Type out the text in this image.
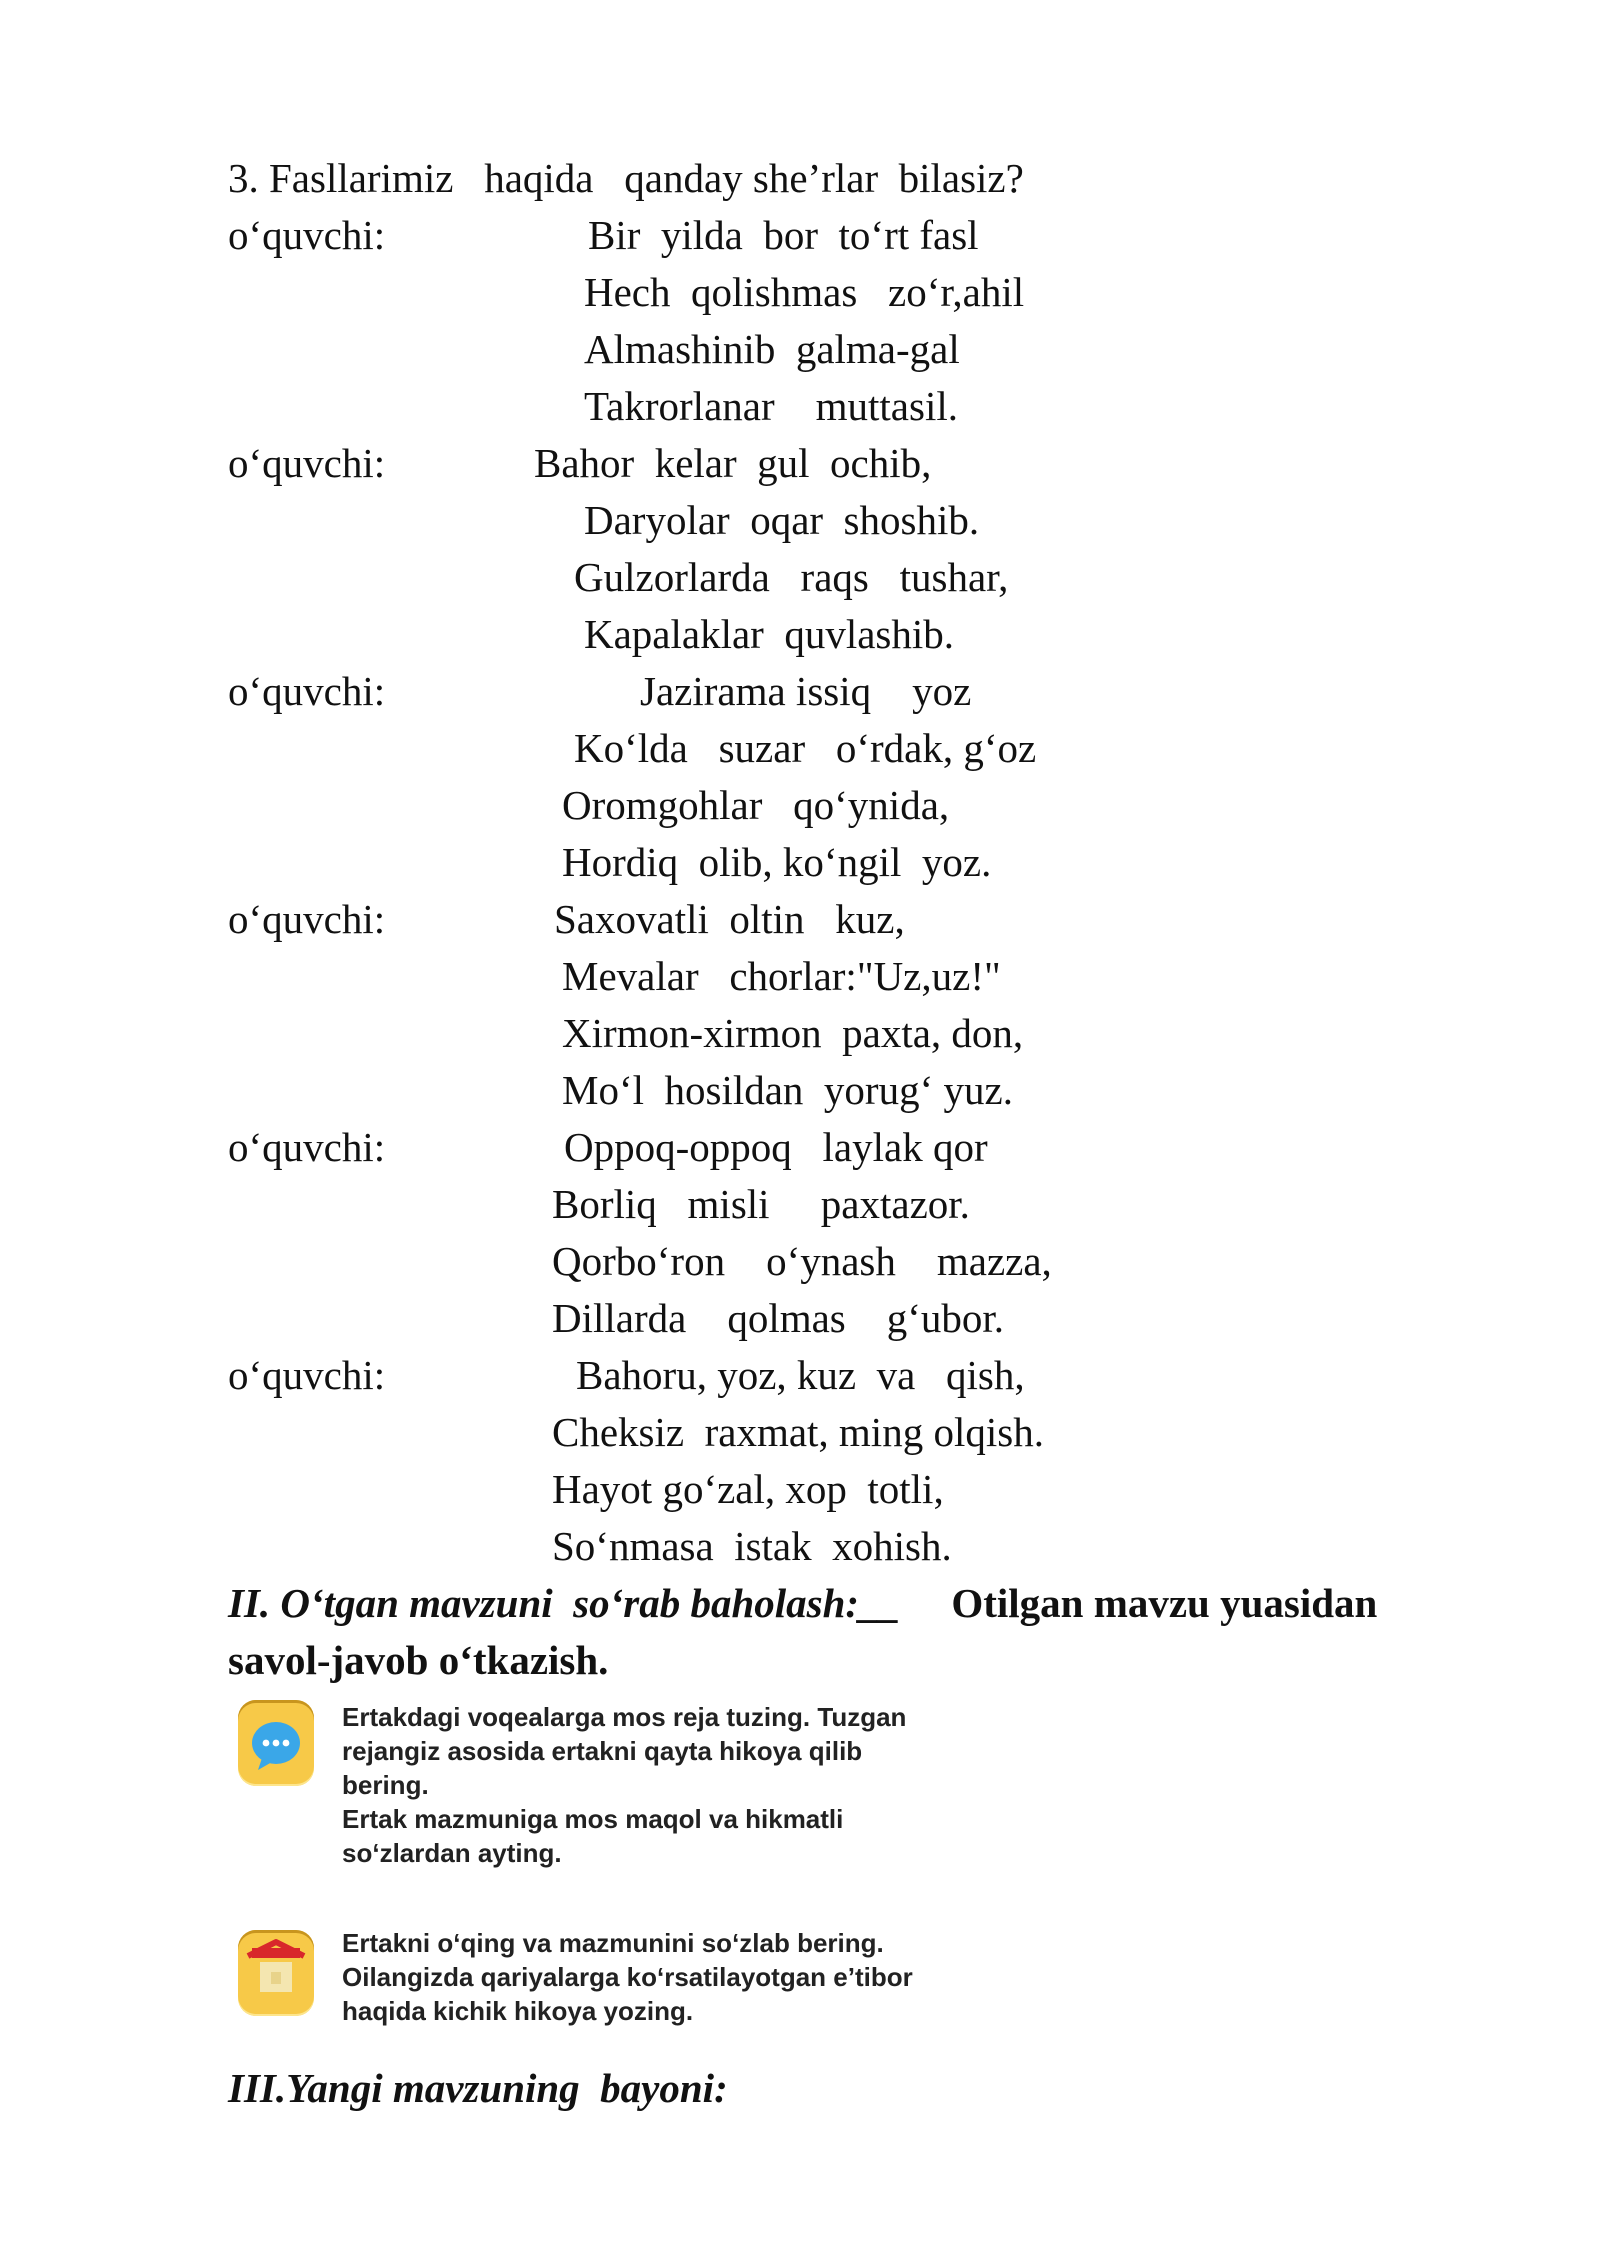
3. Fasllarimiz   haqida   qanday she’rlar  bilasiz?
o‘quvchi:	Bir  yilda  bor  to‘rt fasl
Hech  qolishmas   zo‘r,ahil
Almashinib  galma-gal
Takrorlanar    muttasil.
o‘quvchi:	Bahor  kelar  gul  ochib,
Daryolar  oqar  shoshib.
Gulzorlarda   raqs   tushar,
Kapalaklar  quvlashib.
o‘quvchi:	Jazirama issiq    yoz
Ko‘lda   suzar   o‘rdak, g‘oz
Oromgohlar   qo‘ynida,
Hordiq  olib, ko‘ngil  yoz.
o‘quvchi:	Saxovatli  oltin   kuz,
Mevalar   chorlar:"Uz,uz!"
Xirmon-xirmon  paxta, don,
Mo‘l  hosildan  yorug‘ yuz.
o‘quvchi:	Oppoq-oppoq   laylak qor
Borliq   misli     paxtazor.
Qorbo‘ron    o‘ynash    mazza,
Dillarda    qolmas    g‘ubor.
o‘quvchi:	Bahoru, yoz, kuz  va   qish,
Cheksiz  raxmat, ming olqish.
Hayot go‘zal, xop  totli,
So‘nmasa  istak  xohish.
II. O‘tgan mavzuni  so‘rab baholash:__     Otilgan mavzu yuasidan
savol-javob o‘tkazish.
Ertakdagi voqealarga mos reja tuzing. Tuzgan
rejangiz asosida ertakni qayta hikoya qilib
bering.
Ertak mazmuniga mos maqol va hikmatli
so‘zlardan ayting.
Ertakni o‘qing va mazmunini so‘zlab bering.
Oilangizda qariyalarga ko‘rsatilayotgan e’tibor
haqida kichik hikoya yozing.
III.Yangi mavzuning  bayoni:
